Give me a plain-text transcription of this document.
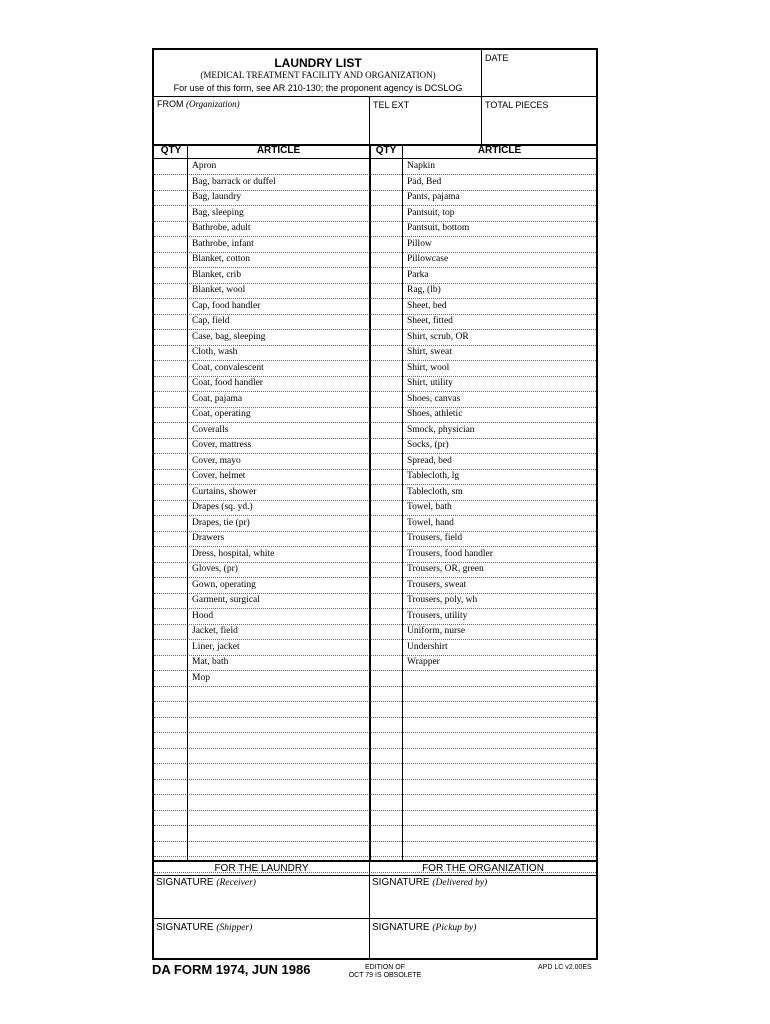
LAUNDRY LIST
(MEDICAL TREATMENT FACILITY AND ORGANIZATION)
For use of this form, see AR 210-130; the proponent agency is DCSLOG
DATE
FROM (Organization)	TEL EXT	TOTAL PIECES
QTY	ARTICLE	QTY	ARTICLE
Apron	Napkin
Bag, barrack or duffel	Pad, Bed
Bag, laundry	Pants, pajama
Bag, sleeping	Pantsuit, top
Bathrobe, adult	Pantsuit, bottom
Bathrobe, infant	Pillow
Blanket, cotton	Pillowcase
Blanket, crib	Parka
Blanket, wool	Rag, (lb)
Cap, food handler	Sheet, bed
Cap, field	Sheet, fitted
Case, bag, sleeping	Shirt, scrub, OR
Cloth, wash	Shirt, sweat
Coat, convalescent	Shirt, wool
Coat, food handler	Shirt, utility
Coat, pajama	Shoes, canvas
Coat, operating	Shoes, athletic
Coveralls	Smock, physician
Cover, mattress	Socks, (pr)
Cover, mayo	Spread, bed
Cover, helmet	Tablecloth, lg
Curtains, shower	Tablecloth, sm
Drapes (sq. yd.)	Towel, bath
Drapes, tie (pr)	Towel, hand
Drawers	Trousers, field
Dress, hospital, white	Trousers, food handler
Gloves, (pr)	Trousers, OR, green
Gown, operating	Trousers, sweat
Garment, surgical	Trousers, poly, wh
Hood	Trousers, utility
Jacket, field	Uniform, nurse
Liner, jacket	Undershirt
Mat, bath	Wrapper
Mop
FOR THE LAUNDRY	FOR THE ORGANIZATION
SIGNATURE (Receiver)	SIGNATURE (Delivered by)
SIGNATURE (Shipper)	SIGNATURE (Pickup by)
DA FORM 1974, JUN 1986	EDITION OF
OCT 79 IS OBSOLETE
APD LC v2.00ES
